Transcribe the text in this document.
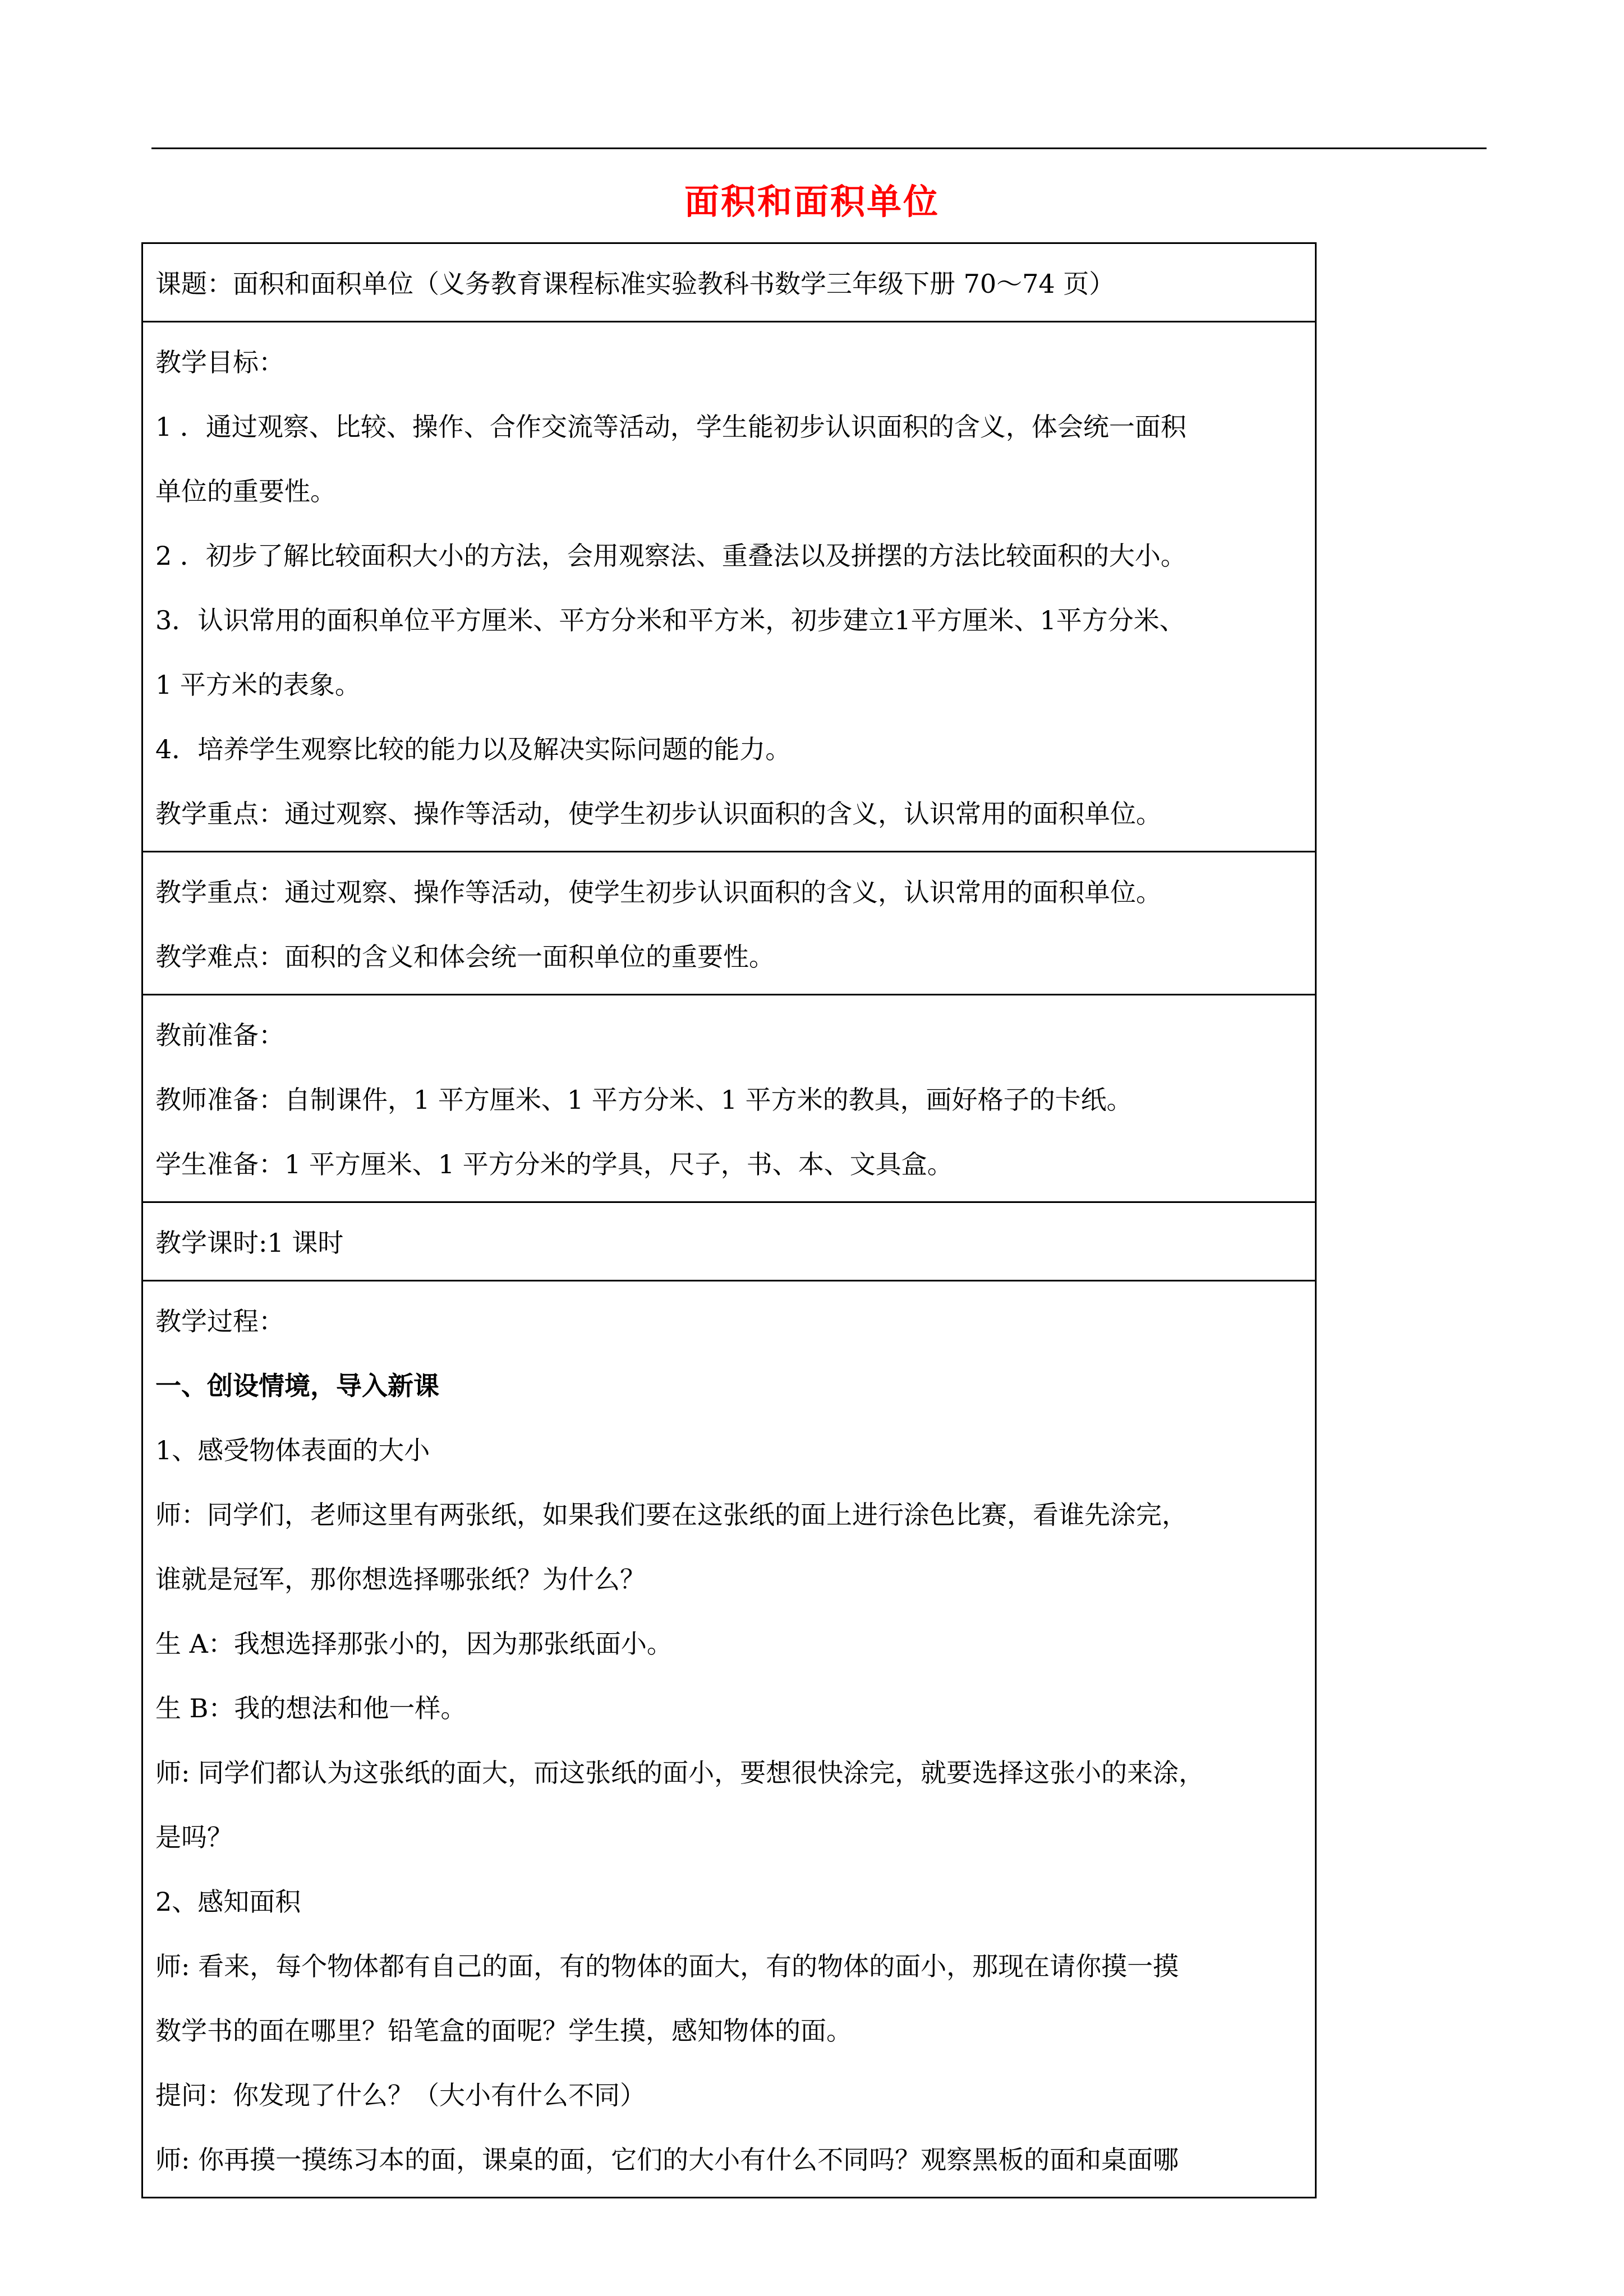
面积和面积单位
课题：面积和面积单位（义务教育课程标准实验教科书数学三年级下册 70～74 页）

教学目标：
1 ．通过观察、比较、操作、合作交流等活动，学生能初步认识面积的含义，体会统一面积
单位的重要性。
2 ．初步了解比较面积大小的方法，会用观察法、重叠法以及拼摆的方法比较面积的大小。
3．认识常用的面积单位平方厘米、平方分米和平方米，初步建立1平方厘米、1平方分米、
1 平方米的表象。
4．培养学生观察比较的能力以及解决实际问题的能力。
教学重点：通过观察、操作等活动，使学生初步认识面积的含义，认识常用的面积单位。

教学重点：通过观察、操作等活动，使学生初步认识面积的含义，认识常用的面积单位。
教学难点：面积的含义和体会统一面积单位的重要性。

教前准备：
教师准备：自制课件，1 平方厘米、1 平方分米、1 平方米的教具，画好格子的卡纸。
学生准备：1 平方厘米、1 平方分米的学具，尺子，书、本、文具盒。

教学课时:1 课时

教学过程：
一、创设情境，导入新课
1、感受物体表面的大小
师：同学们，老师这里有两张纸，如果我们要在这张纸的面上进行涂色比赛，看谁先涂完，
谁就是冠军，那你想选择哪张纸？为什么？
生 A：我想选择那张小的，因为那张纸面小。
生 B：我的想法和他一样。
师: 同学们都认为这张纸的面大，而这张纸的面小，要想很快涂完，就要选择这张小的来涂，
是吗？
2、感知面积
师: 看来，每个物体都有自己的面，有的物体的面大，有的物体的面小，那现在请你摸一摸
数学书的面在哪里？铅笔盒的面呢？学生摸，感知物体的面。
提问：你发现了什么？（大小有什么不同）
师: 你再摸一摸练习本的面，课桌的面，它们的大小有什么不同吗？观察黑板的面和桌面哪
